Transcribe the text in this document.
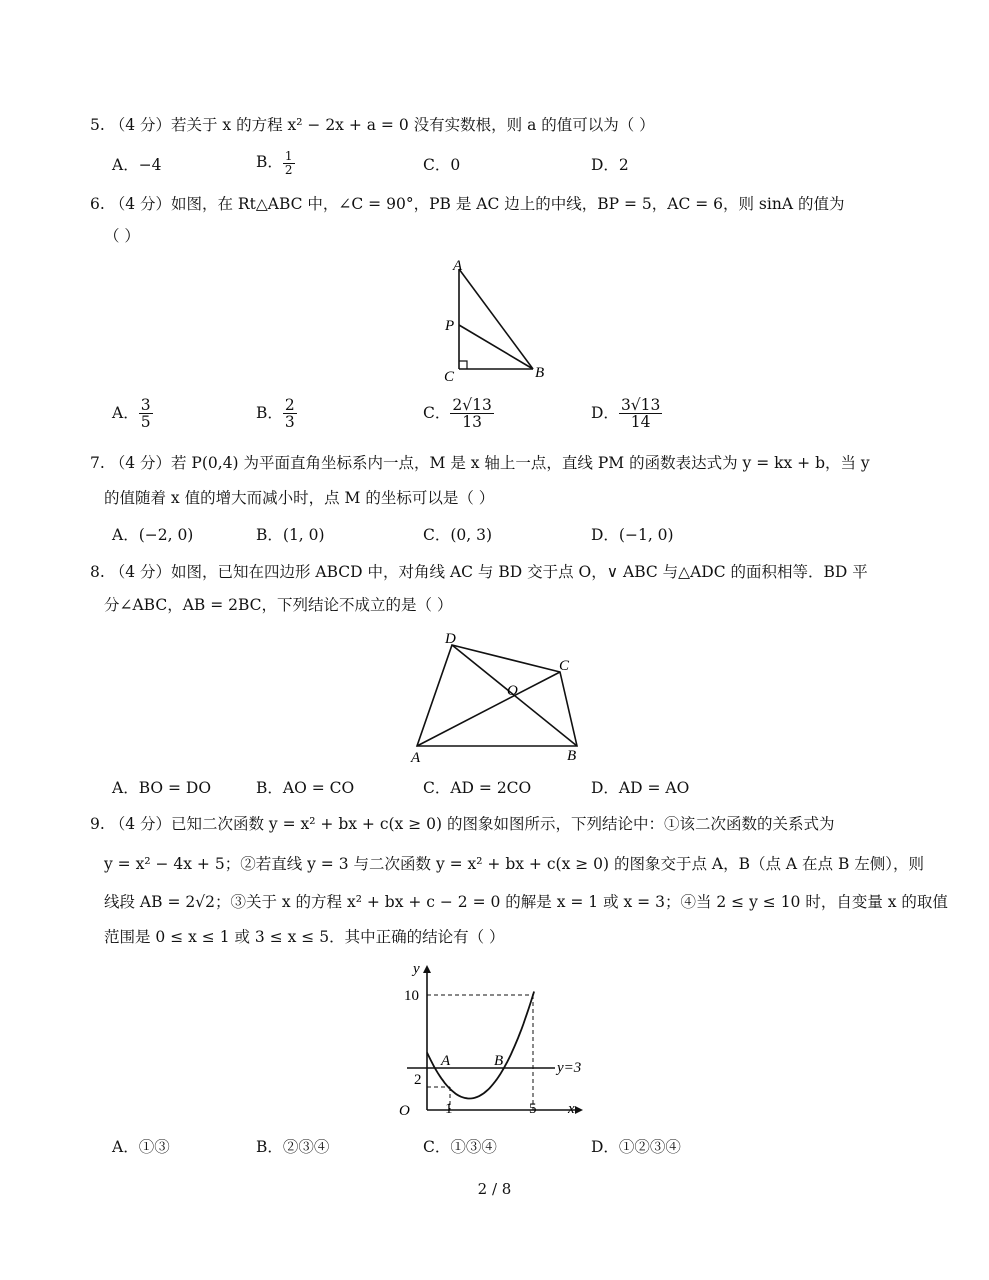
5. （4 分）若关于 x 的方程 x² − 2x + a = 0 没有实数根，则 a 的值可以为（ ）
A．−4	B． $\frac{1}{2}$	C．0	D．2
6. （4 分）如图，在 Rt△ABC 中，∠C = 90°，PB 是 AC 边上的中线，BP = 5，AC = 6，则 sinA 的值为
（ ）
A
P
C	B
A． $\frac{3}{5}$	B． $\frac{2}{3}$	C． $\frac{2√13}{13}$	D． $\frac{3√13}{14}$
7. （4 分）若 P(0,4) 为平面直角坐标系内一点，M 是 x 轴上一点，直线 PM 的函数表达式为 y = kx + b，当 y
的值随着 x 值的增大而减小时，点 M 的坐标可以是（ ）
A．(−2, 0)	B．(1, 0)	C．(0, 3)	D．(−1, 0)
8. （4 分）如图，已知在四边形 ABCD 中，对角线 AC 与 BD 交于点 O，∨ ABC 与△ADC 的面积相等．BD 平
分∠ABC，AB = 2BC，下列结论不成立的是（ ）
D
C
O
A	B
A．BO = DO	B．AO = CO	C．AD = 2CO	D．AD = AO
9. （4 分）已知二次函数 y = x² + bx + c(x ≥ 0) 的图象如图所示，下列结论中：①该二次函数的关系式为
y = x² − 4x + 5；②若直线 y = 3 与二次函数 y = x² + bx + c(x ≥ 0) 的图象交于点 A，B（点 A 在点 B 左侧），则
线段 AB = 2√2；③关于 x 的方程 x² + bx + c − 2 = 0 的解是 x = 1 或 x = 3；④当 2 ≤ y ≤ 10 时，自变量 x 的取值
范围是 0 ≤ x ≤ 1 或 3 ≤ x ≤ 5．其中正确的结论有（ ）
y
x
O
10
2
1	5
A	B	y=3
A．①③	B．②③④	C．①③④	D．①②③④
2 / 8
